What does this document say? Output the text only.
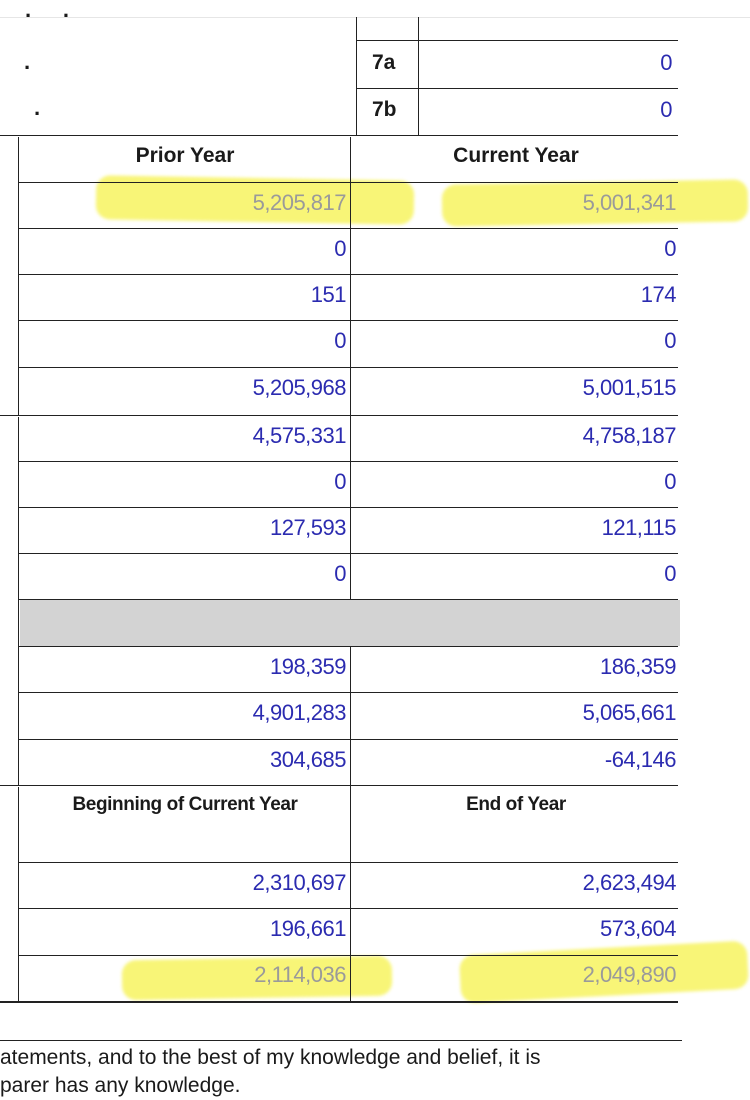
·     ·
·
·
7a	0
7b	0
Prior Year	Current Year
5,205,817	5,001,341
0	0
151	174
0	0
5,205,968	5,001,515
4,575,331	4,758,187
0	0
127,593	121,115
0	0
198,359	186,359
4,901,283	5,065,661
304,685	-64,146
Beginning of Current Year	End of Year
2,310,697	2,623,494
196,661	573,604
2,114,036	2,049,890
atements, and to the best of my knowledge and belief, it is
parer has any knowledge.
